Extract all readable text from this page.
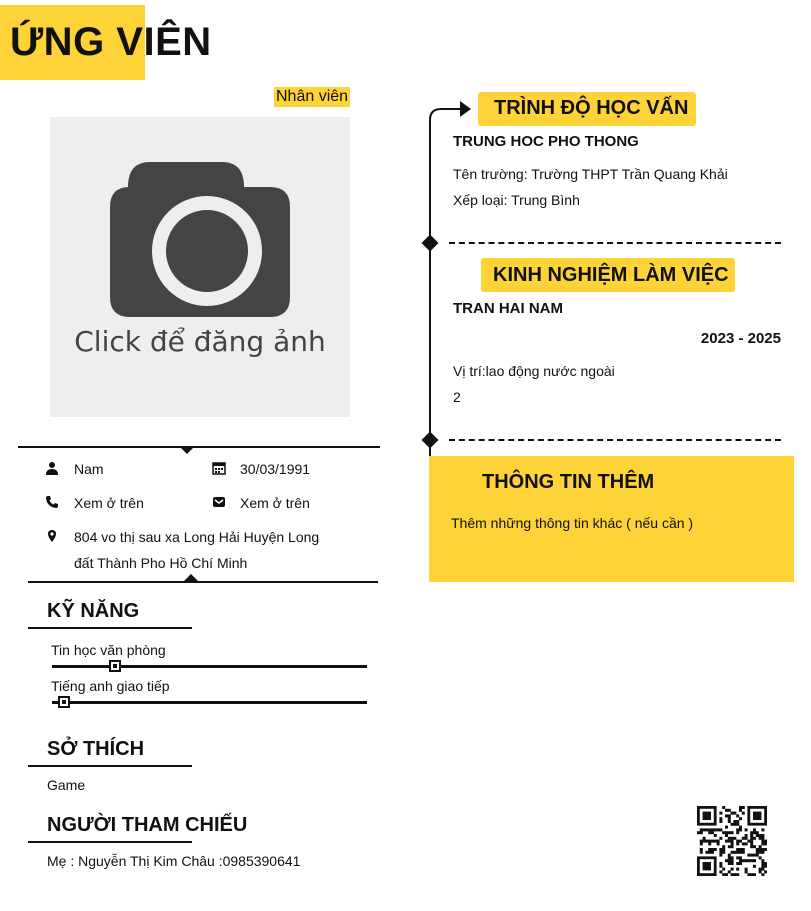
ỨNG VIÊN
Nhân viên
Click để đăng ảnh
Nam	30/03/1991
Xem ở trên	Xem ở trên
804 vo thị sau xa Long Hải Huyện Long
đất Thành Pho Hồ Chí Minh
KỸ NĂNG
Tin học văn phòng
Tiếng anh giao tiếp
SỞ THÍCH
Game
NGƯỜI THAM CHIẾU
Mẹ : Nguyễn Thị Kim Châu :0985390641
TRÌNH ĐỘ HỌC VẤN
TRUNG HOC PHO THONG
Tên trường: Trường THPT Trần Quang Khải
Xếp loại: Trung Bình
KINH NGHIỆM LÀM VIỆC
TRAN HAI NAM
2023 - 2025
Vị trí:lao động nước ngoài
2
THÔNG TIN THÊM
Thêm những thông tin khác ( nếu cần )
